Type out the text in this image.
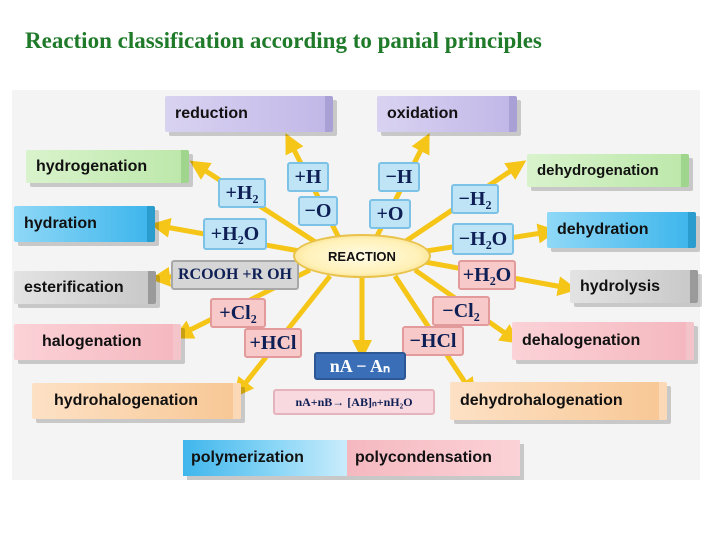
Reaction classification according to panial principles
reduction	oxidation
hydrogenation	dehydrogenation
hydration	dehydration
esterification	hydrolysis
halogenation	dehalogenation
hydrohalogenation	dehydrohalogenation
+H₂
+H	−H
−H₂
−O	+O
+H₂O	−H₂O
RCOOH +R OH	+H₂O
+Cl₂	−Cl₂
+HCl	−HCl
nA − Aₙ
nA+nB→ [AB]ₙ+nH₂O
REACTION
polymerization	polycondensation
